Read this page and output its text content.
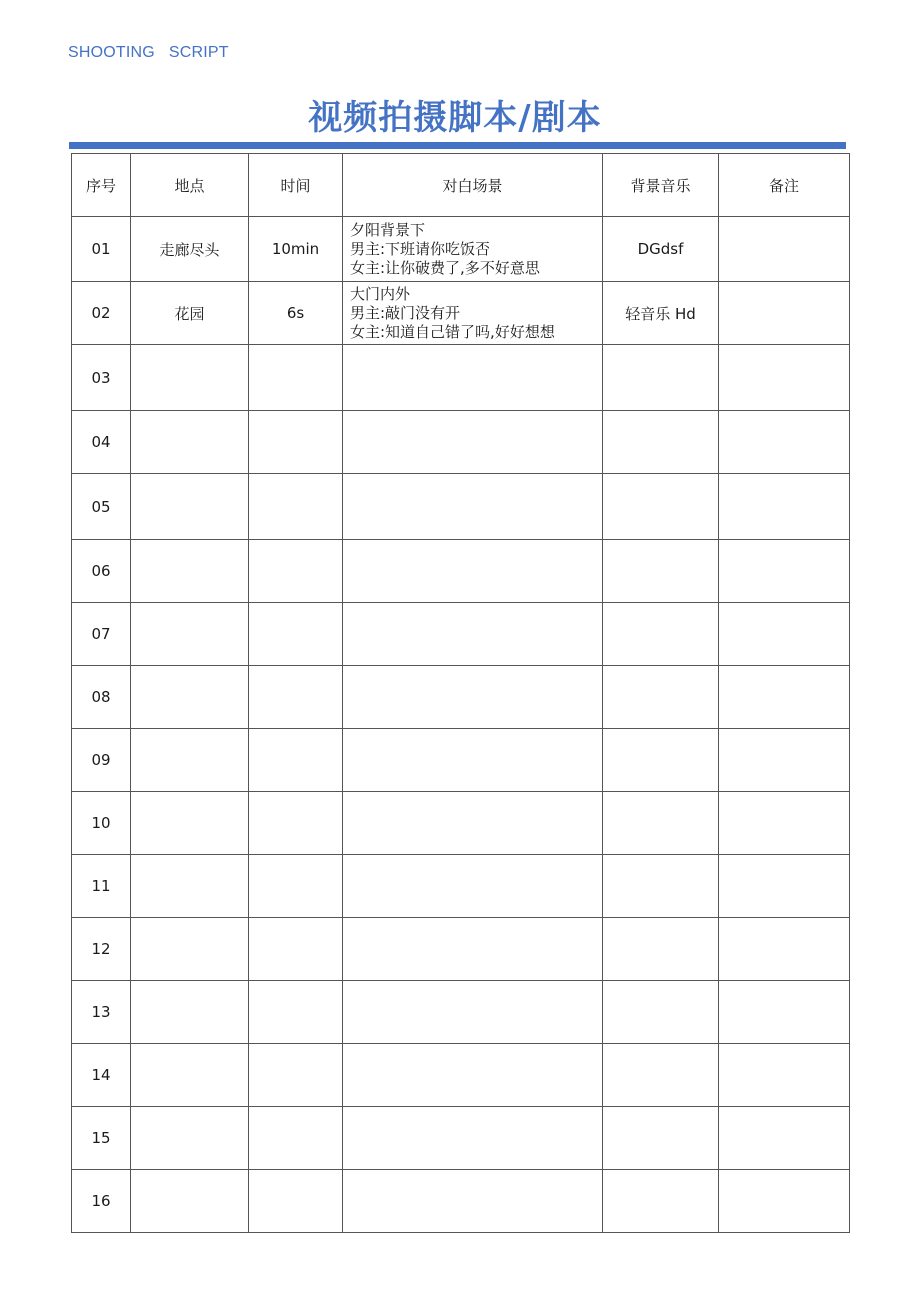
SHOOTING   SCRIPT
视频拍摄脚本/剧本
序号	地点	时间	对白场景	背景音乐	备注
01	走廊尽头	10min	夕阳背景下
男主:下班请你吃饭否
女主:让你破费了,多不好意思	DGdsf	
02	花园	6s	大门内外
男主:敲门没有开
女主:知道自己错了吗,好好想想	轻音乐 Hd	
03					
04					
05					
06					
07					
08					
09					
10					
11					
12					
13					
14					
15					
16					
